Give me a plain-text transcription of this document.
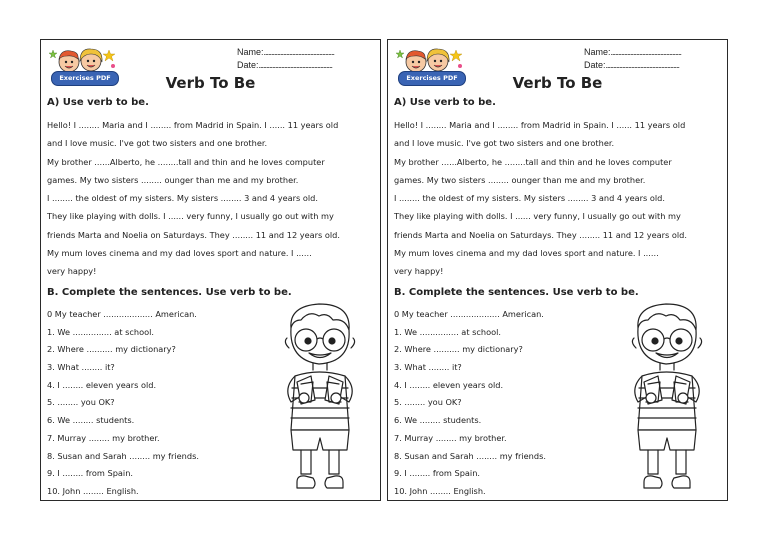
Exercises PDF
Name:...............................................
Date:.................................................
Verb To Be
A) Use verb to be.
Hello! I ........ Maria and I ........ from Madrid in Spain. I ...... 11 years old
and I love music. I've got two sisters and one brother.
My brother ......Alberto, he ........tall and thin and he loves computer
games. My two sisters ........ ounger than me and my brother.
I ........ the oldest of my sisters. My sisters ........ 3 and 4 years old.
They like playing with dolls. I ...... very funny, I usually go out with my
friends Marta and Noelia on Saturdays. They ........ 11 and 12 years old.
My mum loves cinema and my dad loves sport and nature. I ......
very happy!
B. Complete the sentences. Use verb to be.
0 My teacher ................... American.
1. We ............... at school.
2. Where .......... my dictionary?
3. What ........ it?
4. I ........ eleven years old.
5. ........ you OK?
6. We ........ students.
7. Murray ........ my brother.
8. Susan and Sarah ........ my friends.
9. I ........ from Spain.
10. John ........ English.
Exercises PDF
Name:...............................................
Date:.................................................
Verb To Be
A) Use verb to be.
Hello! I ........ Maria and I ........ from Madrid in Spain. I ...... 11 years old
and I love music. I've got two sisters and one brother.
My brother ......Alberto, he ........tall and thin and he loves computer
games. My two sisters ........ ounger than me and my brother.
I ........ the oldest of my sisters. My sisters ........ 3 and 4 years old.
They like playing with dolls. I ...... very funny, I usually go out with my
friends Marta and Noelia on Saturdays. They ........ 11 and 12 years old.
My mum loves cinema and my dad loves sport and nature. I ......
very happy!
B. Complete the sentences. Use verb to be.
0 My teacher ................... American.
1. We ............... at school.
2. Where .......... my dictionary?
3. What ........ it?
4. I ........ eleven years old.
5. ........ you OK?
6. We ........ students.
7. Murray ........ my brother.
8. Susan and Sarah ........ my friends.
9. I ........ from Spain.
10. John ........ English.
